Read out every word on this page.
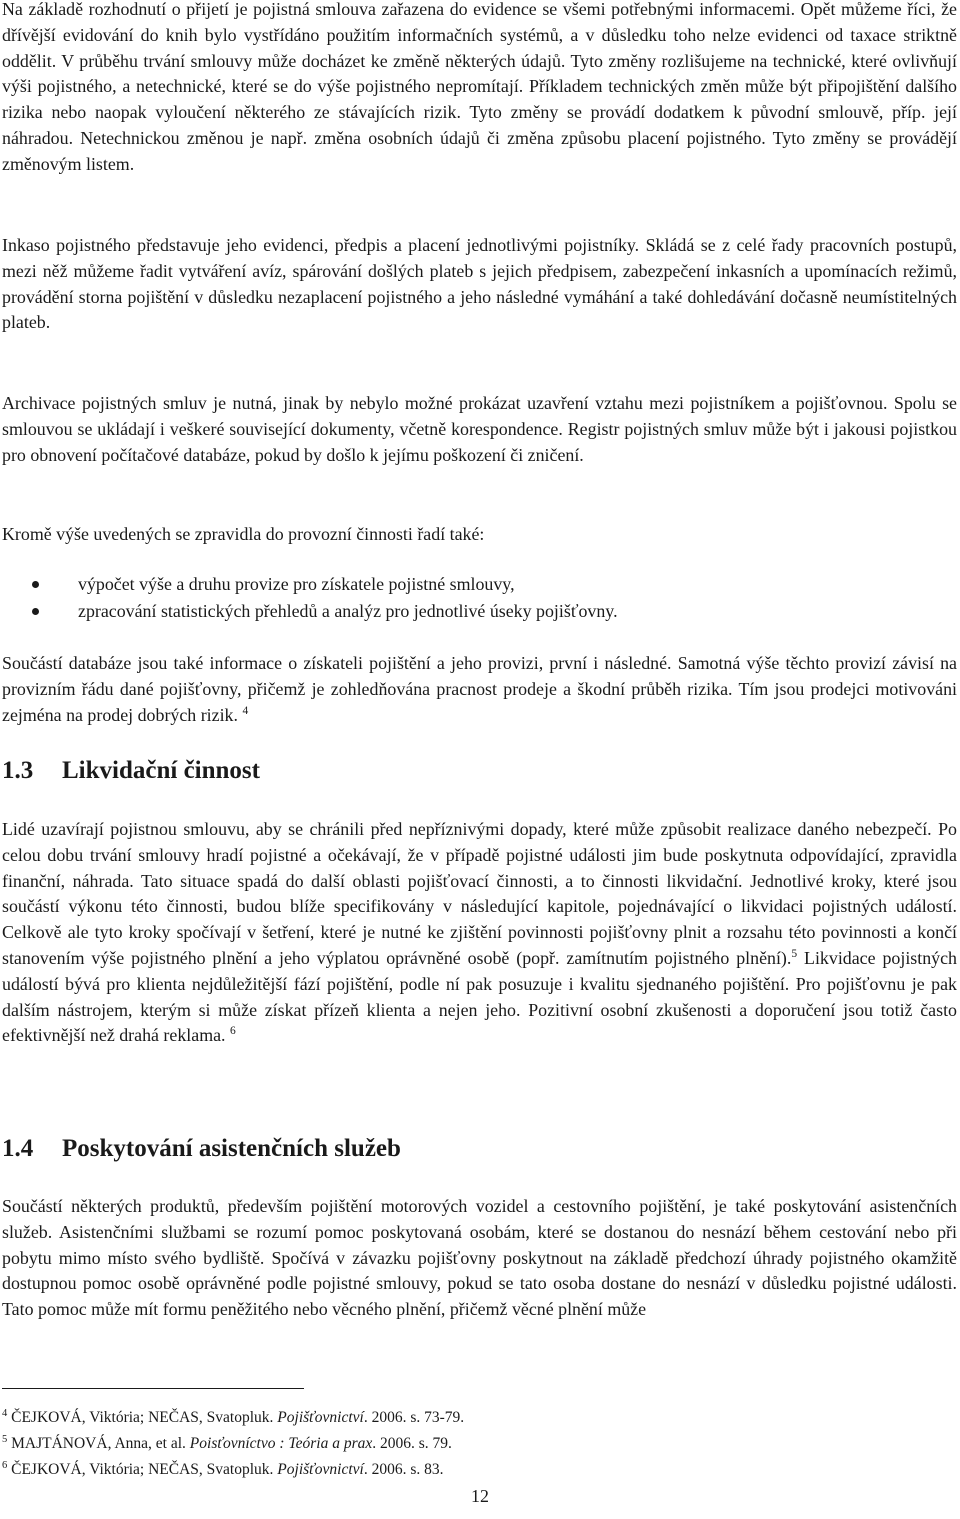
Na základě rozhodnutí o přijetí je pojistná smlouva zařazena do evidence se všemi potřebnými informacemi. Opět můžeme říci, že dřívější evidování do knih bylo vystřídáno použitím informačních systémů, a v důsledku toho nelze evidenci od taxace striktně oddělit. V průběhu trvání smlouvy může docházet ke změně některých údajů. Tyto změny rozlišujeme na technické, které ovlivňují výši pojistného, a netechnické, které se do výše pojistného nepromítají. Příkladem technických změn může být připojištění dalšího rizika nebo naopak vyloučení některého ze stávajících rizik. Tyto změny se provádí dodatkem k původní smlouvě, příp. její náhradou. Netechnickou změnou je např. změna osobních údajů či změna způsobu placení pojistného. Tyto změny se provádějí změnovým listem.

Inkaso pojistného představuje jeho evidenci, předpis a placení jednotlivými pojistníky. Skládá se z celé řady pracovních postupů, mezi něž můžeme řadit vytváření avíz, spárování došlých plateb s jejich předpisem, zabezpečení inkasních a upomínacích režimů, provádění storna pojištění v důsledku nezaplacení pojistného a jeho následné vymáhání a také dohledávání dočasně neumístitelných plateb.

Archivace pojistných smluv je nutná, jinak by nebylo možné prokázat uzavření vztahu mezi pojistníkem a pojišťovnou. Spolu se smlouvou se ukládají i veškeré související dokumenty, včetně korespondence. Registr pojistných smluv může být i jakousi pojistkou pro obnovení počítačové databáze, pokud by došlo k jejímu poškození či zničení.

Kromě výše uvedených se zpravidla do provozní činnosti řadí také:

výpočet výše a druhu provize pro získatele pojistné smlouvy,
zpracování statistických přehledů a analýz pro jednotlivé úseky pojišťovny.

Součástí databáze jsou také informace o získateli pojištění a jeho provizi, první i následné. Samotná výše těchto provizí závisí na provizním řádu dané pojišťovny, přičemž je zohledňována pracnost prodeje a škodní průběh rizika. Tím jsou prodejci motivováni zejména na prodej dobrých rizik. $^4$

1.3 Likvidační činnost

Lidé uzavírají pojistnou smlouvu, aby se chránili před nepříznivými dopady, které může způsobit realizace daného nebezpečí. Po celou dobu trvání smlouvy hradí pojistné a očekávají, že v případě pojistné události jim bude poskytnuta odpovídající, zpravidla finanční, náhrada. Tato situace spadá do další oblasti pojišťovací činnosti, a to činnosti likvidační. Jednotlivé kroky, které jsou součástí výkonu této činnosti, budou blíže specifikovány v následující kapitole, pojednávající o likvidaci pojistných událostí. Celkově ale tyto kroky spočívají v šetření, které je nutné ke zjištění povinnosti pojišťovny plnit a rozsahu této povinnosti a končí stanovením výše pojistného plnění a jeho výplatou oprávněné osobě (popř. zamítnutím pojistného plnění).$^5$ Likvidace pojistných událostí bývá pro klienta nejdůležitější fází pojištění, podle ní pak posuzuje i kvalitu sjednaného pojištění. Pro pojišťovnu je pak dalším nástrojem, kterým si může získat přízeň klienta a nejen jeho. Pozitivní osobní zkušenosti a doporučení jsou totiž často efektivnější než drahá reklama. $^6$

1.4 Poskytování asistenčních služeb

Součástí některých produktů, především pojištění motorových vozidel a cestovního pojištění, je také poskytování asistenčních služeb. Asistenčními službami se rozumí pomoc poskytovaná osobám, které se dostanou do nesnází během cestování nebo při pobytu mimo místo svého bydliště. Spočívá v závazku pojišťovny poskytnout na základě předchozí úhrady pojistného okamžitě dostupnou pomoc osobě oprávněné podle pojistné smlouvy, pokud se tato osoba dostane do nesnází v důsledku pojistné události. Tato pomoc může mít formu peněžitého nebo věcného plnění, přičemž věcné plnění může

$^4$ ČEJKOVÁ, Viktória; NEČAS, Svatopluk. Pojišťovnictví. 2006. s. 73-79.
$^5$ MAJTÁNOVÁ, Anna, et al. Poisťovníctvo : Teória a prax. 2006. s. 79.
$^6$ ČEJKOVÁ, Viktória; NEČAS, Svatopluk. Pojišťovnictví. 2006. s. 83.
12
